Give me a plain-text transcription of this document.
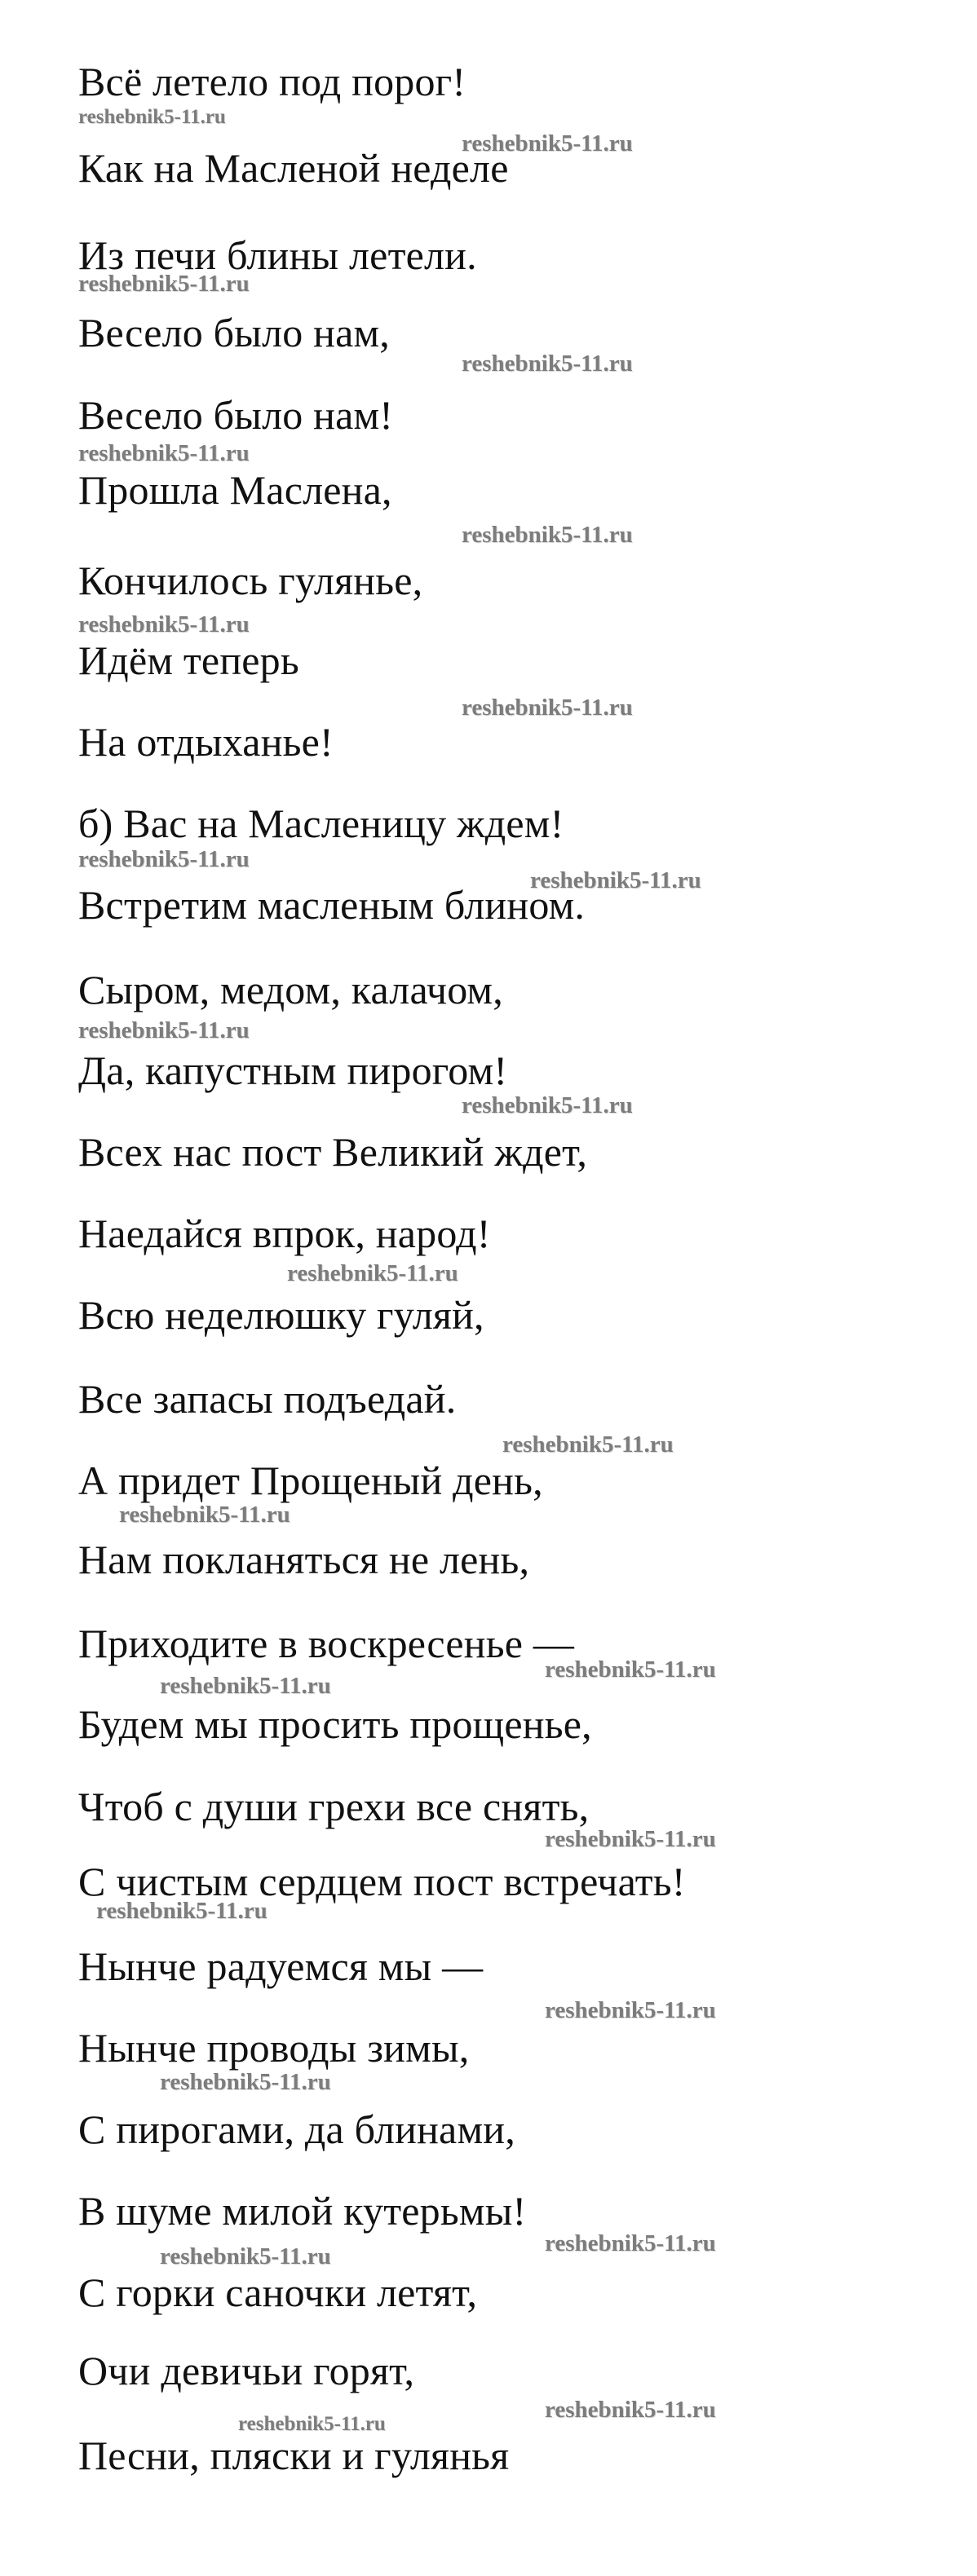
Всё летело под порог!
Как на Масленой неделе
Из печи блины летели.
Весело было нам,
Весело было нам!
Прошла Маслена,
Кончилось гулянье,
Идём теперь
На отдыханье!
б) Вас на Масленицу ждем!
Встретим масленым блином.
Сыром, медом, калачом,
Да, капустным пирогом!
Всех нас пост Великий ждет,
Наедайся впрок, народ!
Всю неделюшку гуляй,
Все запасы подъедай.
А придет Прощеный день,
Нам покланяться не лень,
Приходите в воскресенье —
Будем мы просить прощенье,
Чтоб с души грехи все снять,
С чистым сердцем пост встречать!
Нынче радуемся мы —
Нынче проводы зимы,
С пирогами, да блинами,
В шуме милой кутерьмы!
С горки саночки летят,
Очи девичьи горят,
Песни, пляски и гулянья
reshebnik5-11.ru
reshebnik5-11.ru
reshebnik5-11.ru
reshebnik5-11.ru
reshebnik5-11.ru
reshebnik5-11.ru
reshebnik5-11.ru
reshebnik5-11.ru
reshebnik5-11.ru
reshebnik5-11.ru
reshebnik5-11.ru
reshebnik5-11.ru
reshebnik5-11.ru
reshebnik5-11.ru
reshebnik5-11.ru
reshebnik5-11.ru
reshebnik5-11.ru
reshebnik5-11.ru
reshebnik5-11.ru
reshebnik5-11.ru
reshebnik5-11.ru
reshebnik5-11.ru
reshebnik5-11.ru
reshebnik5-11.ru
reshebnik5-11.ru
